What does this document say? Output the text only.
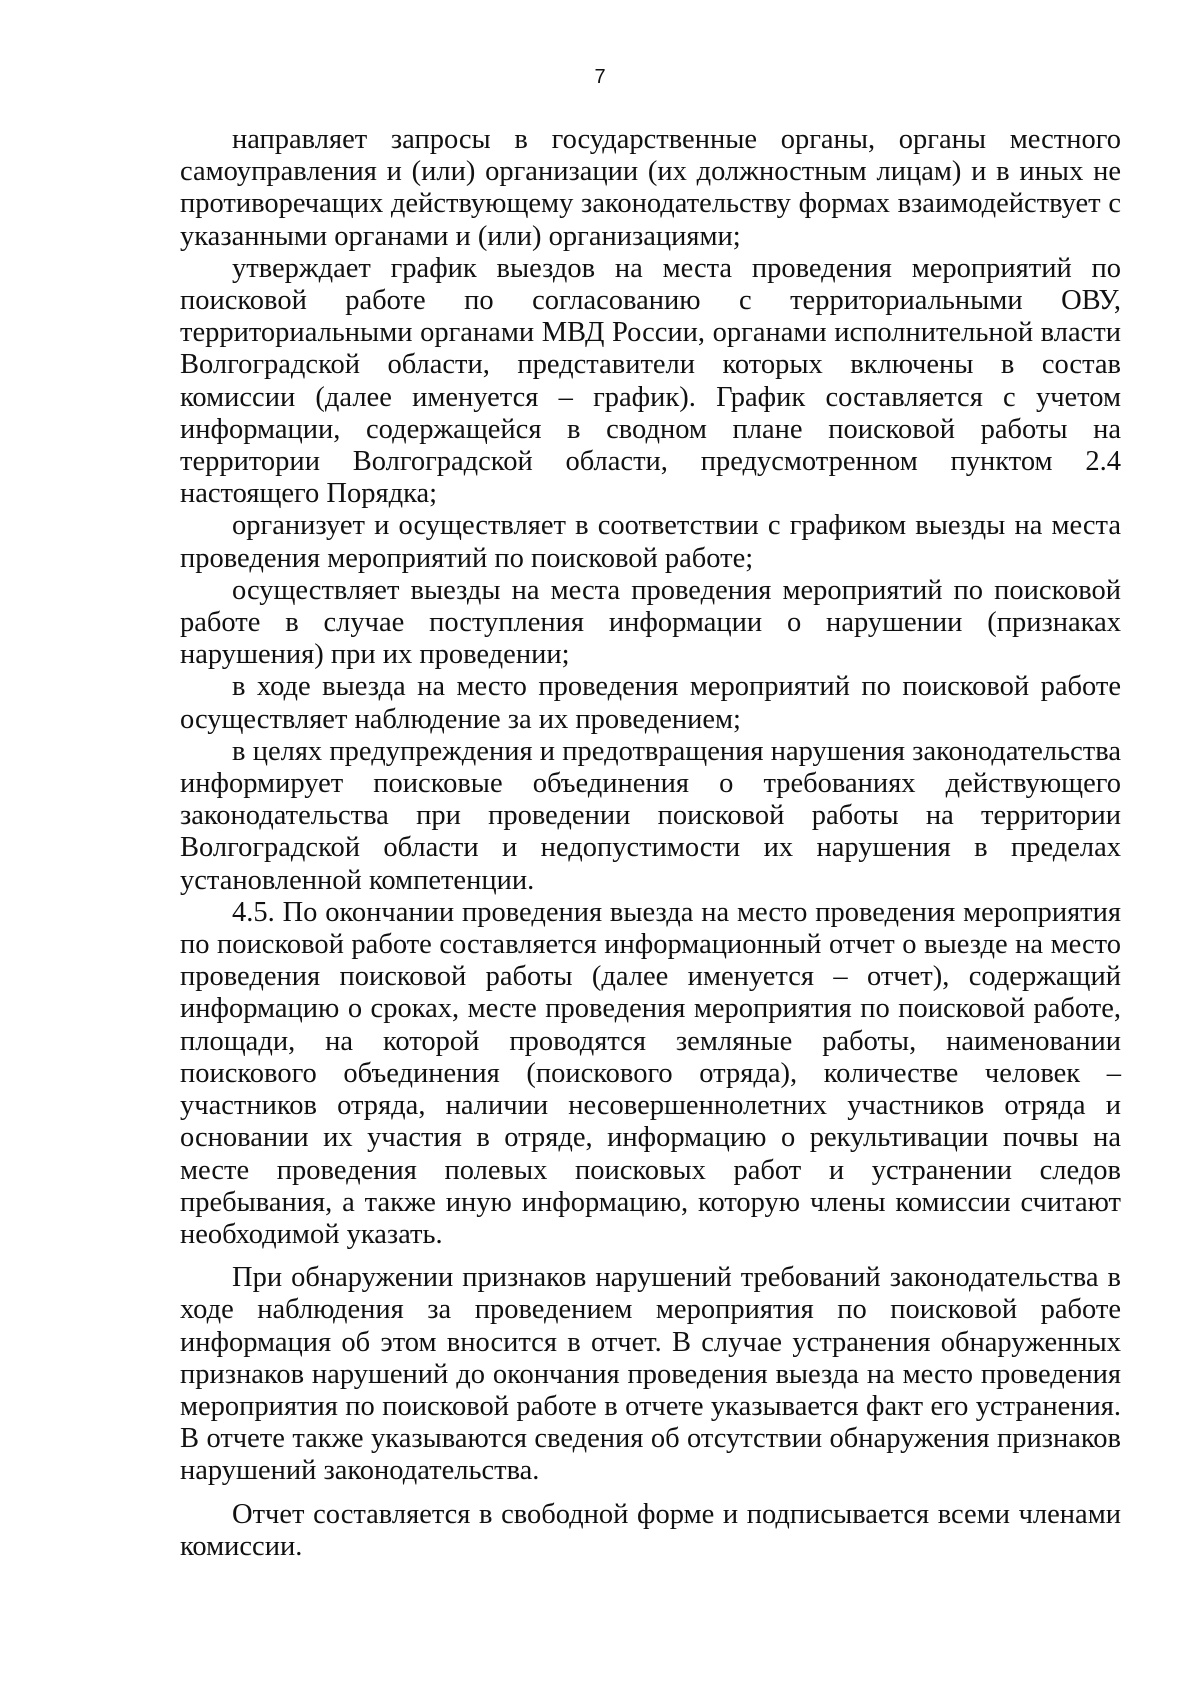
7

направляет запросы в государственные органы, органы местного самоуправления и (или) организации (их должностным лицам) и в иных не противоречащих действующему законодательству формах взаимодействует с указанными органами и (или) организациями;

утверждает график выездов на места проведения мероприятий по поисковой работе по согласованию с территориальными ОВУ, территориальными органами МВД России, органами исполнительной власти Волгоградской области, представители которых включены в состав комиссии (далее именуется – график). График составляется с учетом информации, содержащейся в сводном плане поисковой работы на территории Волгоградской области, предусмотренном пунктом 2.4 настоящего Порядка;

организует и осуществляет в соответствии с графиком выезды на места проведения мероприятий по поисковой работе;

осуществляет выезды на места проведения мероприятий по поисковой работе в случае поступления информации о нарушении (признаках нарушения) при их проведении;

в ходе выезда на место проведения мероприятий по поисковой работе осуществляет наблюдение за их проведением;

в целях предупреждения и предотвращения нарушения законодательства информирует поисковые объединения о требованиях действующего законодательства при проведении поисковой работы на территории Волгоградской области и недопустимости их нарушения в пределах установленной компетенции.

4.5. По окончании проведения выезда на место проведения мероприятия по поисковой работе составляется информационный отчет о выезде на место проведения поисковой работы (далее именуется – отчет), содержащий информацию о сроках, месте проведения мероприятия по поисковой работе, площади, на которой проводятся земляные работы, наименовании поискового объединения (поискового отряда), количестве человек – участников отряда, наличии несовершеннолетних участников отряда и основании их участия в отряде, информацию о рекультивации почвы на месте проведения полевых поисковых работ и устранении следов пребывания, а также иную информацию, которую члены комиссии считают необходимой указать.

При обнаружении признаков нарушений требований законодательства в ходе наблюдения за проведением мероприятия по поисковой работе информация об этом вносится в отчет. В случае устранения обнаруженных признаков нарушений до окончания проведения выезда на место проведения мероприятия по поисковой работе в отчете указывается факт его устранения. В отчете также указываются сведения об отсутствии обнаружения признаков нарушений законодательства.

Отчет составляется в свободной форме и подписывается всеми членами комиссии.
